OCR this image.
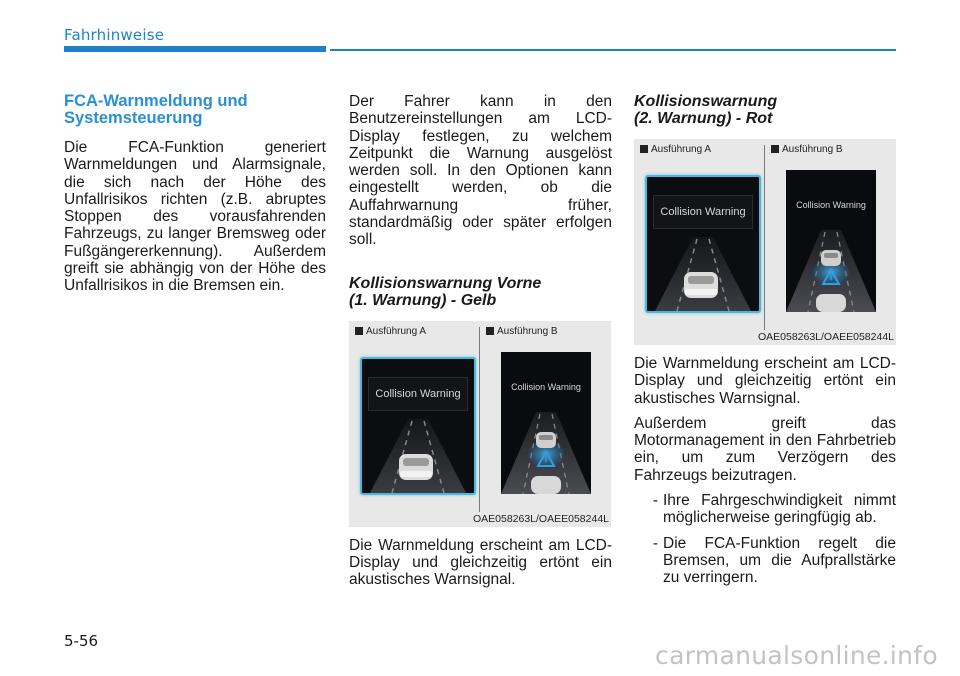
Fahrhinweise
FCA-Warnmeldung und
Systemsteuerung

Die FCA-Funktion generiert Warnmeldungen und Alarmsignale, die sich nach der Höhe des Unfallrisikos richten (z.B. abruptes Stoppen des vorausfahrenden Fahrzeugs, zu langer Bremsweg oder Fußgängererkennung). Außerdem greift sie abhängig von der Höhe des Unfallrisikos in die Bremsen ein.

Der Fahrer kann in den Benutzereinstellungen am LCD-Display festlegen, zu welchem Zeitpunkt die Warnung ausgelöst werden soll. In den Optionen kann eingestellt werden, ob die Auffahrwarnung früher, standardmäßig oder später erfolgen soll.

Kollisionswarnung Vorne
(1. Warnung) - Gelb
Ausführung A	Ausführung B
Collision Warning
Collision Warning
OAE058263L/OAEE058244L

Die Warnmeldung erscheint am LCD-Display und gleichzeitig ertönt ein akustisches Warnsignal.

Kollisionswarnung
(2. Warnung) - Rot
Ausführung A	Ausführung B
Collision Warning
Collision Warning
OAE058263L/OAEE058244L

Die Warnmeldung erscheint am LCD-Display und gleichzeitig ertönt ein akustisches Warnsignal.

Außerdem greift das Motormanagement in den Fahrbetrieb ein, um zum Verzögern des Fahrzeugs beizutragen.

- Ihre Fahrgeschwindigkeit nimmt möglicherweise geringfügig ab.
- Die FCA-Funktion regelt die Bremsen, um die Aufprallstärke zu verringern.
5-56	carmanualsonline.info
